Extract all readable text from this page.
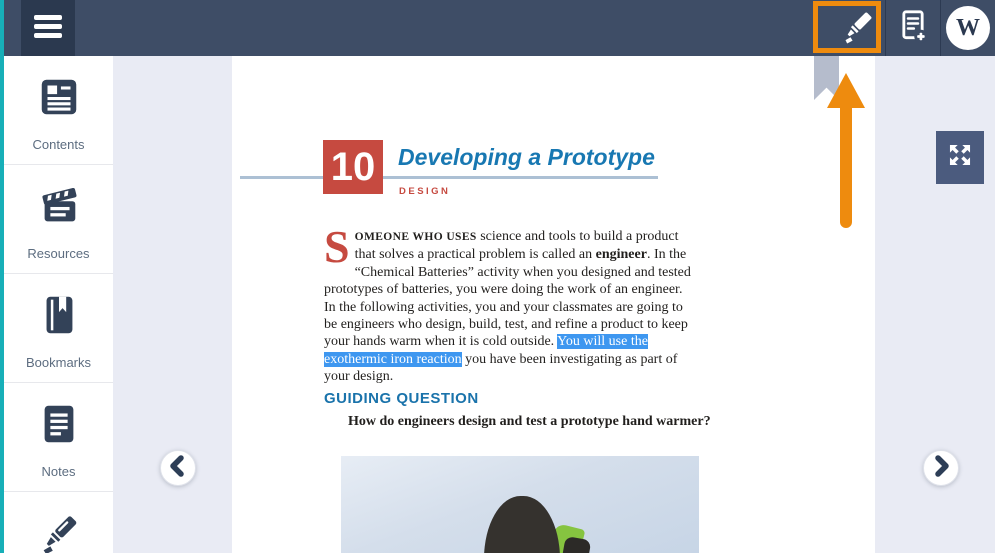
W
Contents
Resources
Bookmarks
Notes
10 Developing a Prototype
DESIGN
SOMEONE WHO USES science and tools to build a product that solves a practical problem is called an engineer. In the “Chemical Batteries” activity when you designed and tested prototypes of batteries, you were doing the work of an engineer. In the following activities, you and your classmates are going to be engineers who design, build, test, and refine a product to keep your hands warm when it is cold outside. You will use the exothermic iron reaction you have been investigating as part of your design.
GUIDING QUESTION
How do engineers design and test a prototype hand warmer?
